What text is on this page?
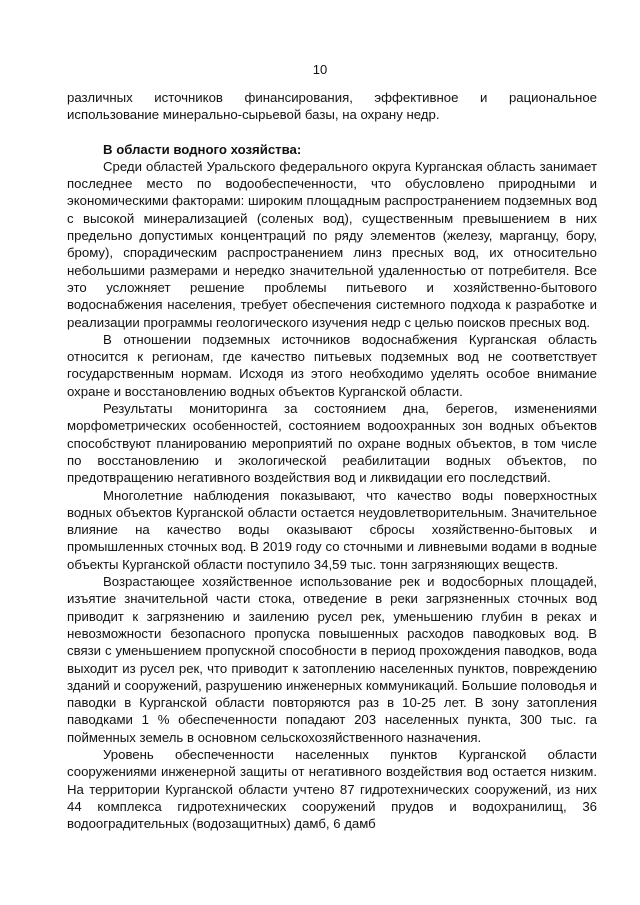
10

различных источников финансирования, эффективное и рациональное использование минерально-сырьевой базы, на охрану недр.

В области водного хозяйства:

Среди областей Уральского федерального округа Курганская область занимает последнее место по водообеспеченности, что обусловлено природными и экономическими факторами: широким площадным распространением подземных вод с высокой минерализацией (соленых вод), существенным превышением в них предельно допустимых концентраций по ряду элементов (железу, марганцу, бору, брому), спорадическим распространением линз пресных вод, их относительно небольшими размерами и нередко значительной удаленностью от потребителя. Все это усложняет решение проблемы питьевого и хозяйственно-бытового водоснабжения населения, требует обеспечения системного подхода к разработке и реализации программы геологического изучения недр с целью поисков пресных вод.

В отношении подземных источников водоснабжения Курганская область относится к регионам, где качество питьевых подземных вод не соответствует государственным нормам. Исходя из этого необходимо уделять особое внимание охране и восстановлению водных объектов Курганской области.

Результаты мониторинга за состоянием дна, берегов, изменениями морфометрических особенностей, состоянием водоохранных зон водных объектов способствуют планированию мероприятий по охране водных объектов, в том числе по восстановлению и экологической реабилитации водных объектов, по предотвращению негативного воздействия вод и ликвидации его последствий.

Многолетние наблюдения показывают, что качество воды поверхностных водных объектов Курганской области остается неудовлетворительным. Значительное влияние на качество воды оказывают сбросы хозяйственно-бытовых и промышленных сточных вод. В 2019 году со сточными и ливневыми водами в водные объекты Курганской области поступило 34,59 тыс. тонн загрязняющих веществ.

Возрастающее хозяйственное использование рек и водосборных площадей, изъятие значительной части стока, отведение в реки загрязненных сточных вод приводит к загрязнению и заилению русел рек, уменьшению глубин в реках и невозможности безопасного пропуска повышенных расходов паводковых вод. В связи с уменьшением пропускной способности в период прохождения паводков, вода выходит из русел рек, что приводит к затоплению населенных пунктов, повреждению зданий и сооружений, разрушению инженерных коммуникаций. Большие половодья и паводки в Курганской области повторяются раз в 10-25 лет. В зону затопления паводками 1 % обеспеченности попадают 203 населенных пункта, 300 тыс. га пойменных земель в основном сельскохозяйственного назначения.

Уровень обеспеченности населенных пунктов Курганской области сооружениями инженерной защиты от негативного воздействия вод остается низким. На территории Курганской области учтено 87 гидротехнических сооружений, из них 44 комплекса гидротехнических сооружений прудов и водохранилищ, 36 водооградительных (водозащитных) дамб, 6 дамб
